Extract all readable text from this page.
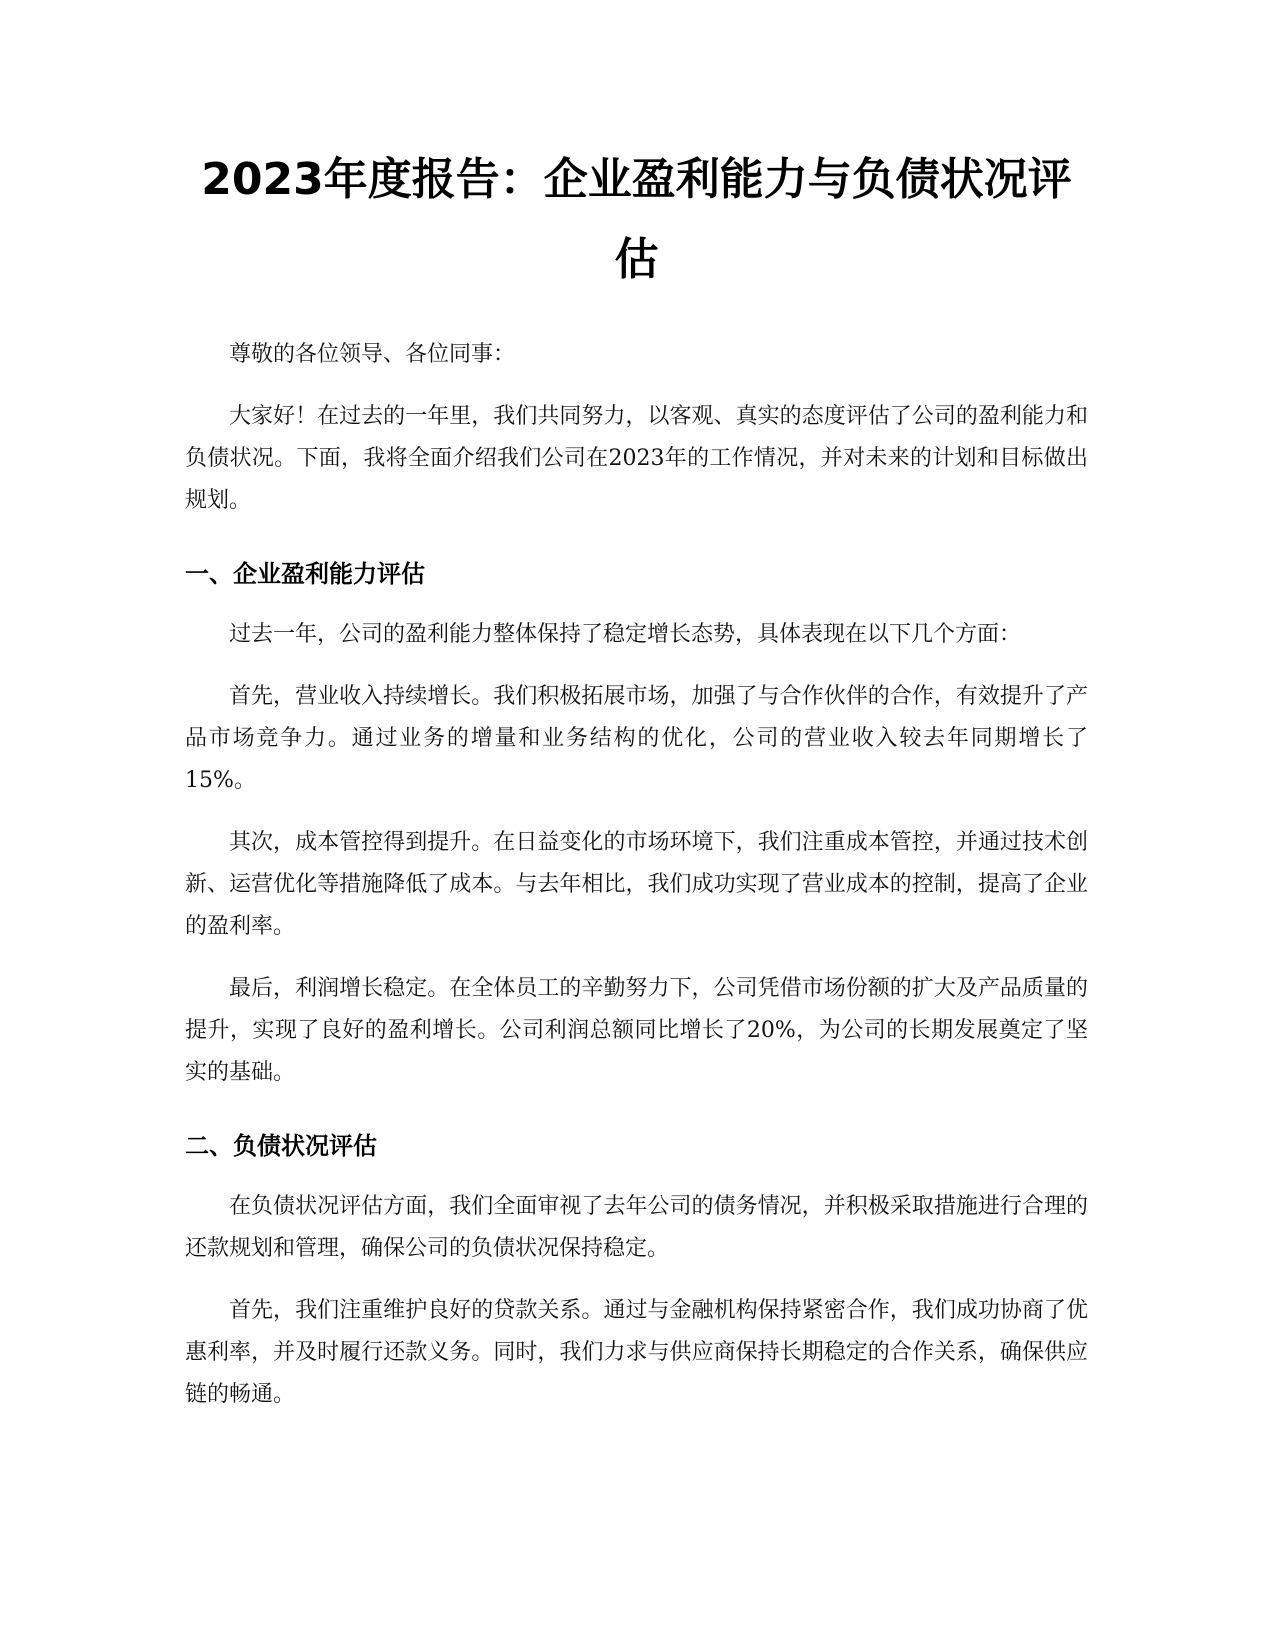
2023年度报告：企业盈利能力与负债状况评估

尊敬的各位领导、各位同事：

大家好！在过去的一年里，我们共同努力，以客观、真实的态度评估了公司的盈利能力和负债状况。下面，我将全面介绍我们公司在2023年的工作情况，并对未来的计划和目标做出规划。

一、企业盈利能力评估

过去一年，公司的盈利能力整体保持了稳定增长态势，具体表现在以下几个方面：

首先，营业收入持续增长。我们积极拓展市场，加强了与合作伙伴的合作，有效提升了产品市场竞争力。通过业务的增量和业务结构的优化，公司的营业收入较去年同期增长了15%。

其次，成本管控得到提升。在日益变化的市场环境下，我们注重成本管控，并通过技术创新、运营优化等措施降低了成本。与去年相比，我们成功实现了营业成本的控制，提高了企业的盈利率。

最后，利润增长稳定。在全体员工的辛勤努力下，公司凭借市场份额的扩大及产品质量的提升，实现了良好的盈利增长。公司利润总额同比增长了20%，为公司的长期发展奠定了坚实的基础。

二、负债状况评估

在负债状况评估方面，我们全面审视了去年公司的债务情况，并积极采取措施进行合理的还款规划和管理，确保公司的负债状况保持稳定。

首先，我们注重维护良好的贷款关系。通过与金融机构保持紧密合作，我们成功协商了优惠利率，并及时履行还款义务。同时，我们力求与供应商保持长期稳定的合作关系，确保供应链的畅通。
